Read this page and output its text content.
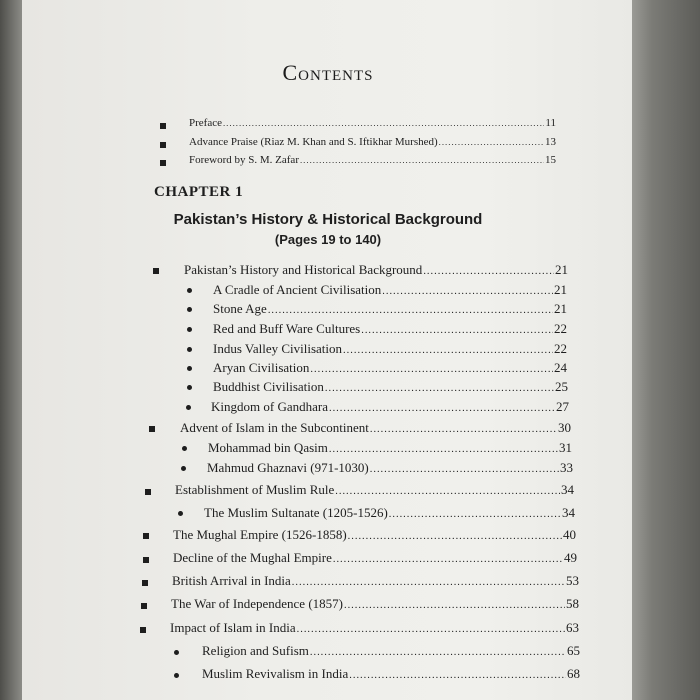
Contents
Preface .....	11
Advance Praise (Riaz M. Khan and S. Iftikhar Murshed) .....	13
Foreword by S. M. Zafar .....	15
CHAPTER 1
Pakistan’s History & Historical Background
(Pages 19 to 140)
Pakistan’s History and Historical Background .....	21
A Cradle of Ancient Civilisation .....	21
Stone Age .....	21
Red and Buff Ware Cultures .....	22
Indus Valley Civilisation .....	22
Aryan Civilisation .....	24
Buddhist Civilisation .....	25
Kingdom of Gandhara .....	27
Advent of Islam in the Subcontinent .....	30
Mohammad bin Qasim .....	31
Mahmud Ghaznavi (971-1030) .....	33
Establishment of Muslim Rule .....	34
The Muslim Sultanate (1205-1526) .....	34
The Mughal Empire (1526-1858) .....	40
Decline of the Mughal Empire .....	49
British Arrival in India .....	53
The War of Independence (1857) .....	58
Impact of Islam in India .....	63
Religion and Sufism .....	65
Muslim Revivalism in India .....	68
